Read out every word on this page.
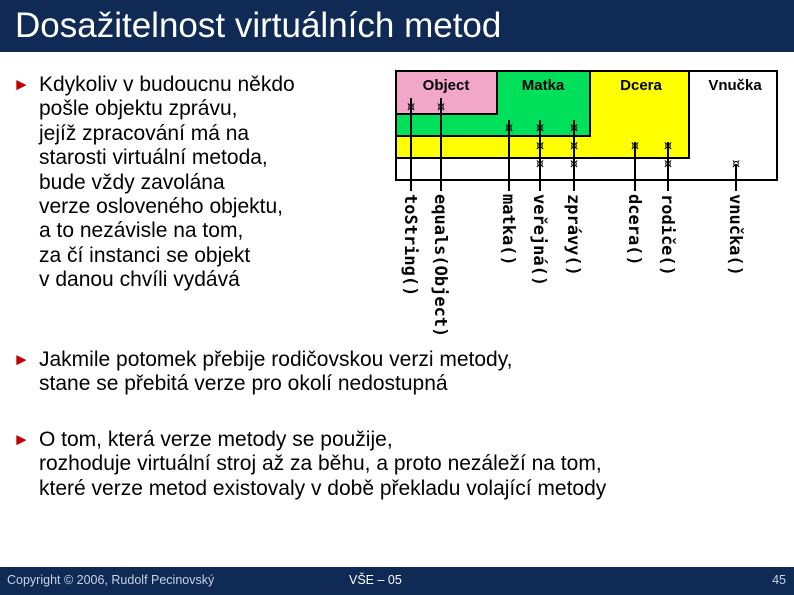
Dosažitelnost virtuálních metod
► Kdykoliv v budoucnu někdo
pošle objektu zprávu,
jejíž zpracování má na
starosti virtuální metoda,
bude vždy zavolána
verze osloveného objektu,
a to nezávisle na tom,
za čí instanci se objekt
v danou chvíli vydává
Object	Matka	Dcera	Vnučka
¤ ¤
¤ ¤
¤
¤
¤
¤
¤
¤ ¤
¤	¤
toString() equals(Object)	matka() veřejná() zprávy() dcera() rodiče()	vnučka()
► Jakmile potomek přebije rodičovskou verzi metody,
stane se přebitá verze pro okolí nedostupná
► O tom, která verze metody se použije,
rozhoduje virtuální stroj až za běhu, a proto nezáleží na tom,
které verze metod existovaly v době překladu volající metody
Copyright © 2006, Rudolf Pecinovský	VŠE – 05	45
